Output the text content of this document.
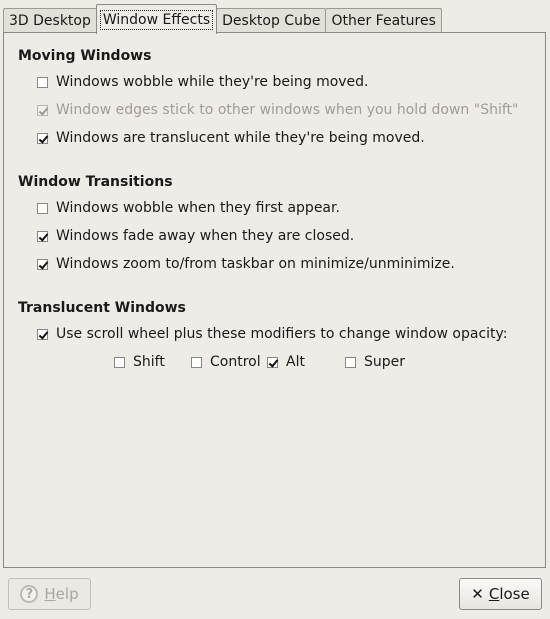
3D Desktop Window Effects Desktop Cube Other Features
Moving Windows
Windows wobble while they're being moved.
Window edges stick to other windows when you hold down "Shift"
Windows are translucent while they're being moved.
Window Transitions
Windows wobble when they first appear.
Windows fade away when they are closed.
Windows zoom to/from taskbar on minimize/unminimize.
Translucent Windows
Use scroll wheel plus these modifiers to change window opacity:
Shift	Control Alt	Super
? Help	✕ Close
